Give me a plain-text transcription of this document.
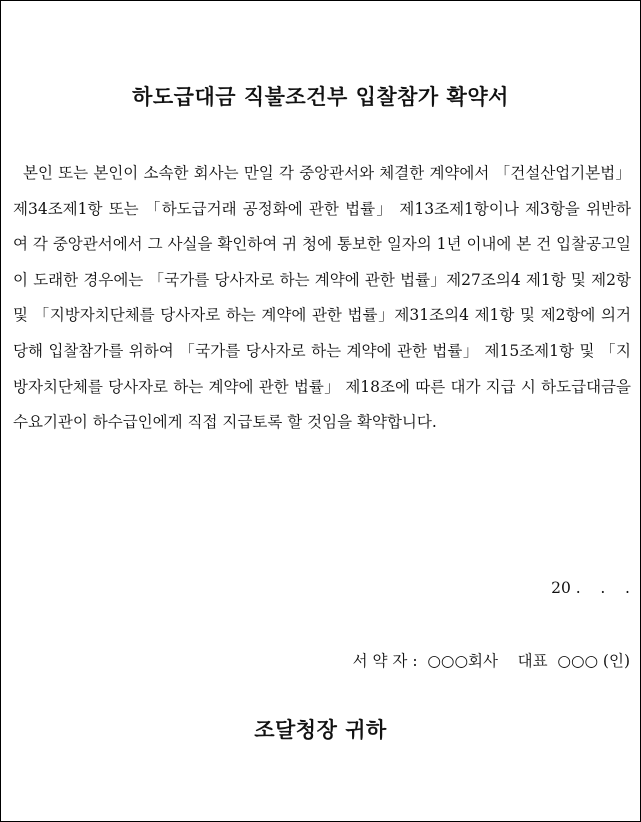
하도급대금 직불조건부 입찰참가 확약서
본인 또는 본인이 소속한 회사는 만일 각 중앙관서와 체결한 계약에서 「건설산업기본법」제34조제1항 또는 「하도급거래 공정화에 관한 법률」 제13조제1항이나 제3항을 위반하여 각 중앙관서에서 그 사실을 확인하여 귀 청에 통보한 일자의 1년 이내에 본 건 입찰공고일이 도래한 경우에는 「국가를 당사자로 하는 계약에 관한 법률」제27조의4 제1항 및 제2항 및 「지방자치단체를 당사자로 하는 계약에 관한 법률」제31조의4 제1항 및 제2항에 의거 당해 입찰참가를 위하여 「국가를 당사자로 하는 계약에 관한 법률」 제15조제1항 및 「지방자치단체를 당사자로 하는 계약에 관한 법률」 제18조에 따른 대가 지급 시 하도급대금을 수요기관이 하수급인에게 직접 지급토록 할 것임을 확약합니다.
20 .    .    .
서 약 자 :  ○○○회사    대표  ○○○ (인)
조달청장 귀하
